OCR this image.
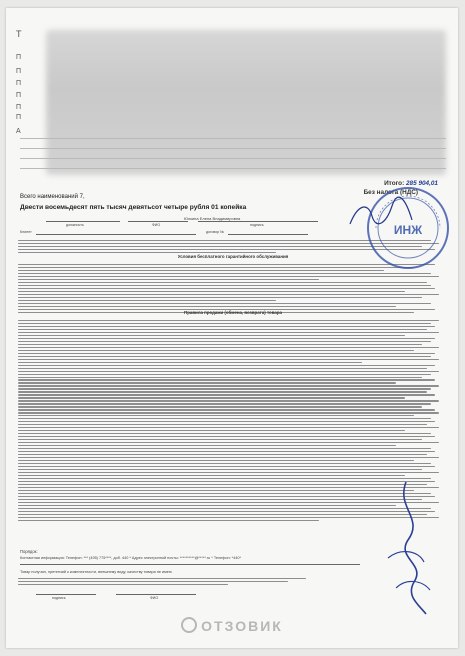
T
П
П
П
П
П
П
А
Итого: 285 904,01
Без налога (НДС)
Всего наименований 7,
Двести восемьдесят пять тысяч девятьсот четыре рубля 01 копейка
Юлкина Елена Владимировна
должность	ФИО	подпись
Клиент	договор №
Условия бесплатного гарантийного обслуживания
Правила продажи (обмена, возврата) товара
Порядок:
Контактная информация: Телефон: *** (495) 775****, доб. 440 * Адрес электронной почты: **********@*****.ru * Телефон: *440*
Товар получил, претензий к комплектности, внешнему виду, качеству товара не имею
подпись	ФИО
ИНЖ
ОТЗОВИК
